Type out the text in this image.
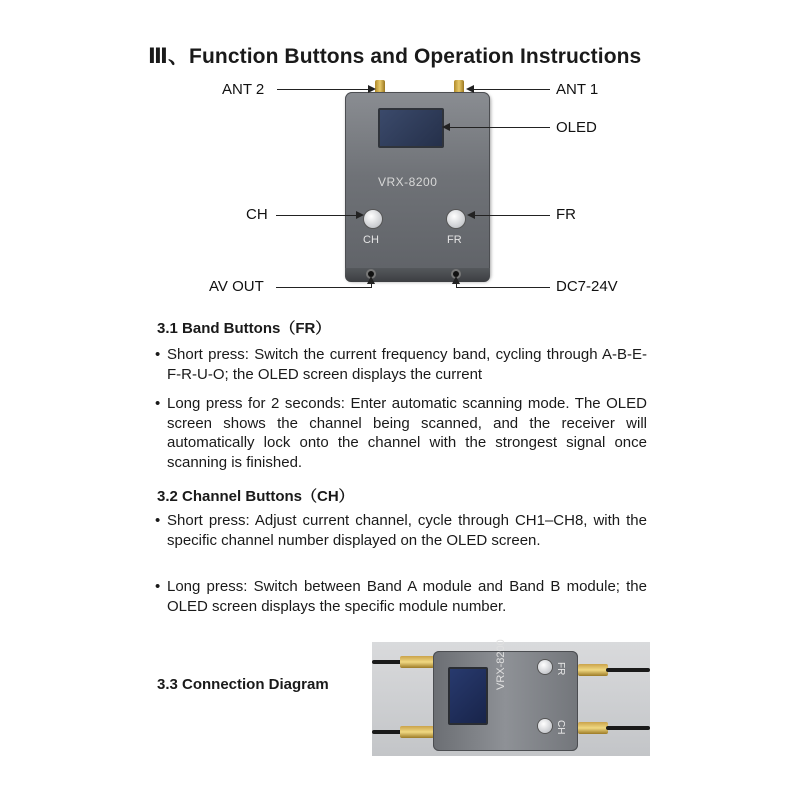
Ⅲ、Function Buttons and Operation Instructions
VRX-8200
CH	FR
ANT 2	ANT 1
OLED
CH	FR
AV OUT	DC7-24V
3.1 Band Buttons（FR）
• Short press: Switch the current frequency band, cycling through A-B-E-F-R-U-O; the OLED screen displays the current
• Long press for 2 seconds: Enter automatic scanning mode. The OLED screen shows the channel being scanned, and the receiver will automatically lock onto the channel with the strongest signal once scanning is finished.
3.2 Channel Buttons（CH）
• Short press: Adjust current channel, cycle through CH1–CH8, with the specific channel number displayed on the OLED screen.
• Long press: Switch between Band A module and Band B module; the OLED screen displays the specific module number.
3.3 Connection Diagram	VRX-8200	FR
CH
